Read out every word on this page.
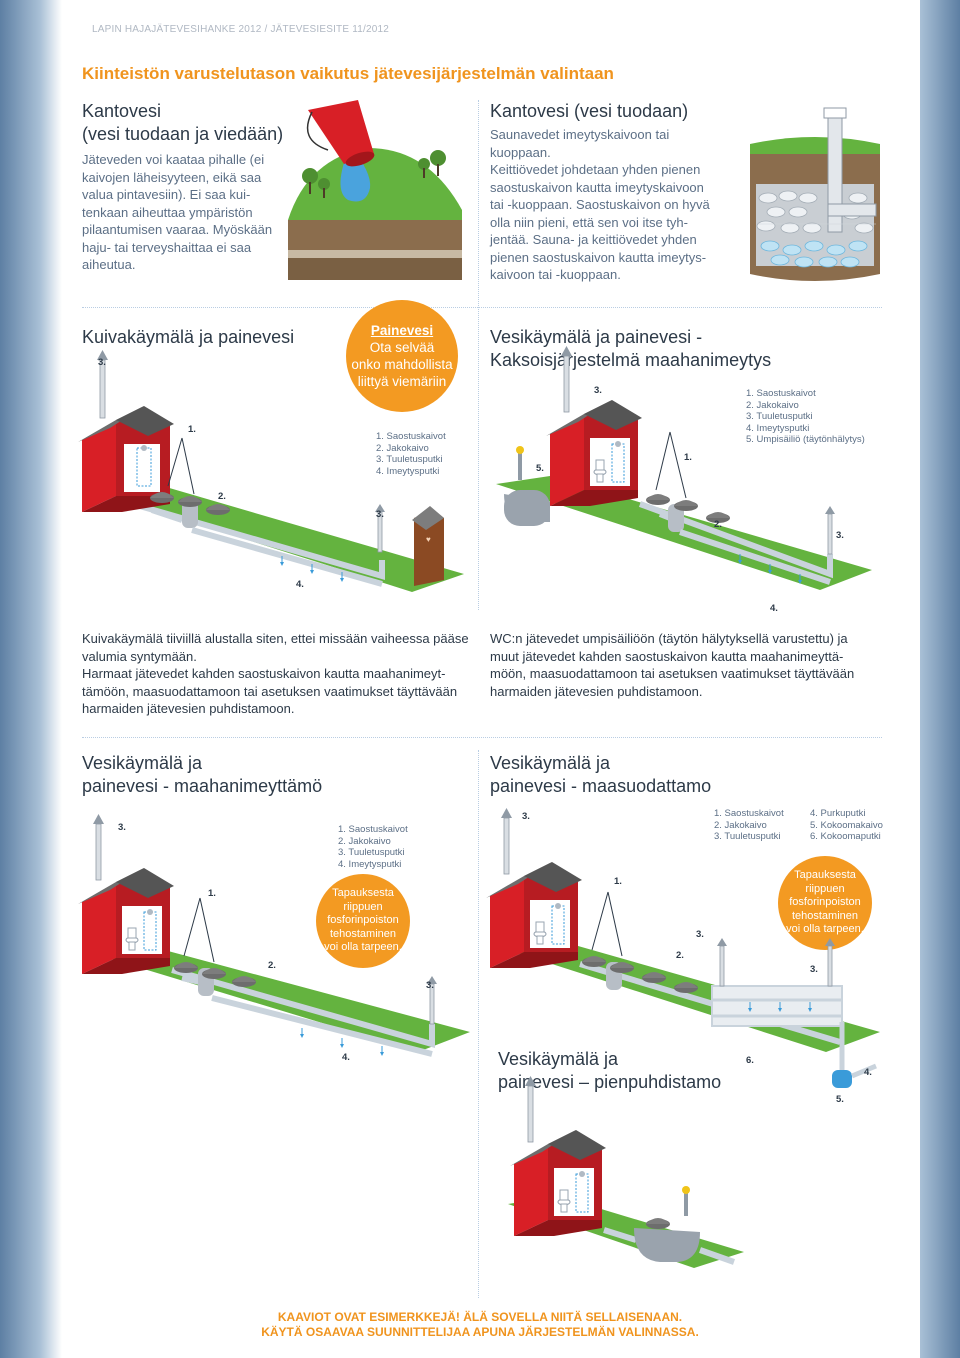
LAPIN HAJAJÄTEVESIHANKE 2012 / JÄTEVESIESITE 11/2012
Kiinteistön varustelutason vaikutus jätevesijärjestelmän valintaan
Kantovesi
(vesi tuodaan ja viedään)
Jäteveden voi kaataa pihalle (ei
kaivojen läheisyyteen, eikä saa
valua pintavesiin). Ei saa kui-
tenkaan aiheuttaa ympäristön
pilaantumisen vaaraa. Myöskään
haju- tai terveyshaittaa ei saa
aiheutua.
Kantovesi (vesi tuodaan)
Saunavedet imeytyskaivoon tai
kuoppaan.
Keittiövedet johdetaan yhden pienen
saostuskaivon kautta imeytyskaivoon
tai -kuoppaan. Saostuskaivon on hyvä
olla niin pieni, että sen voi itse tyh-
jentää. Sauna- ja keittiövedet yhden
pienen saostuskaivon kautta imeytys-
kaivoon tai -kuoppaan.
Kuivakäymälä ja painevesi	Painevesi
Ota selvää
onko mahdollista
liittyä viemäriin
1. Saostuskaivot
2. Jakokaivo
3. Tuuletusputki
4. Imeytysputki
♥
3.
1.
2.
3.
4.
Kuivakäymälä tiiviillä alustalla siten, ettei missään vaiheessa pääse
valumia syntymään.
Harmaat jätevedet kahden saostuskaivon kautta maahanimeyt-
tämöön, maasuodattamoon tai asetuksen vaatimukset täyttävään
harmaiden jätevesien puhdistamoon.
Vesikäymälä ja painevesi -
Kaksoisjärjestelmä maahanimeytys
1. Saostuskaivot
2. Jakokaivo
3. Tuuletusputki
4. Imeytysputki
5. Umpisäiliö (täytönhälytys)
3.
1.
5.
2.
3.
4.
WC:n jätevedet umpisäiliöön (täytön hälytyksellä varustettu) ja
muut jätevedet kahden saostuskaivon kautta maahanimeyttä-
möön, maasuodattamoon tai asetuksen vaatimukset täyttävään
harmaiden jätevesien puhdistamoon.
Vesikäymälä ja
painevesi - maahanimeyttämö
1. Saostuskaivot
2. Jakokaivo
3. Tuuletusputki
4. Imeytysputki
Tapauksesta
riippuen
fosforinpoiston
tehostaminen
voi olla tarpeen.
3.
1.
2.
3.
4.
Vesikäymälä ja
painevesi - maasuodattamo
1. Saostuskaivot
2. Jakokaivo
3. Tuuletusputki
4. Purkuputki
5. Kokoomakaivo
6. Kokoomaputki
Tapauksesta
riippuen
fosforinpoiston
tehostaminen
voi olla tarpeen.
3.
1.
3.
2.
3.
6.
4.
5.
Vesikäymälä ja
painevesi – pienpuhdistamo
KAAVIOT OVAT ESIMERKKEJÄ! ÄLÄ SOVELLA NIITÄ SELLAISENAAN.
KÄYTÄ OSAAVAA SUUNNITTELIJAA APUNA JÄRJESTELMÄN VALINNASSA.
